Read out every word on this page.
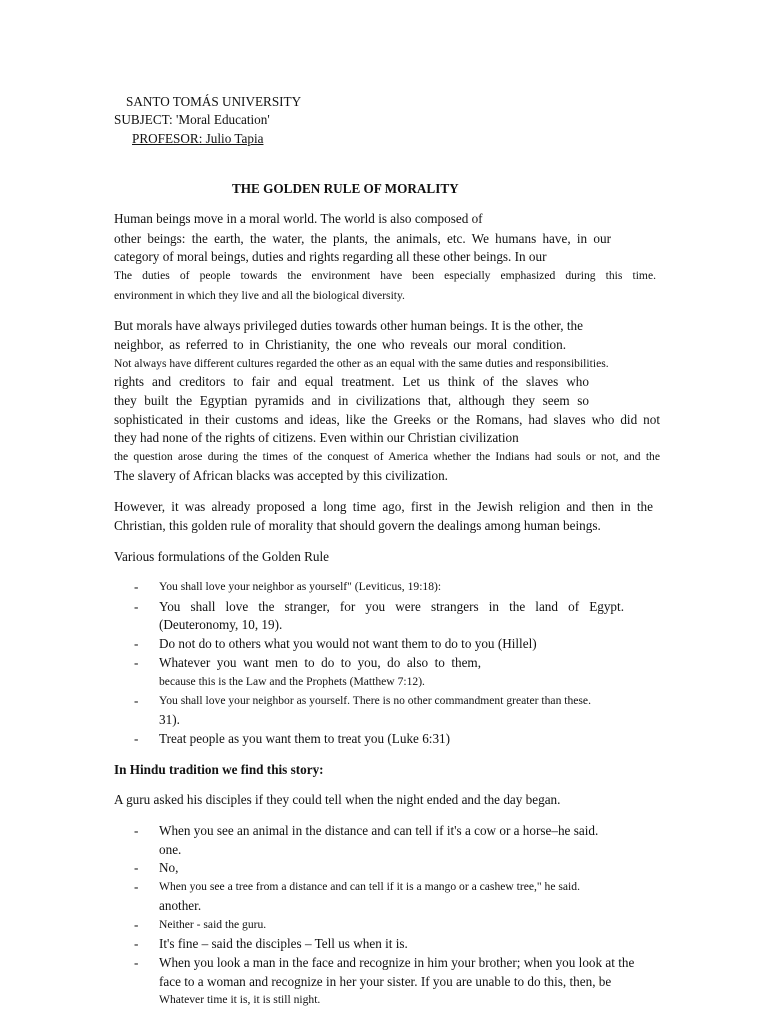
SANTO TOMÁS UNIVERSITY
SUBJECT: 'Moral Education'
PROFESOR: Julio Tapia
THE GOLDEN RULE OF MORALITY
Human beings move in a moral world. The world is also composed of
other beings: the earth, the water, the plants, the animals, etc. We humans have, in our
category of moral beings, duties and rights regarding all these other beings. In our
The duties of people towards the environment have been especially emphasized during this time.
environment in which they live and all the biological diversity.
But morals have always privileged duties towards other human beings. It is the other, the
neighbor, as referred to in Christianity, the one who reveals our moral condition.
Not always have different cultures regarded the other as an equal with the same duties and responsibilities.
rights and creditors to fair and equal treatment. Let us think of the slaves who
they built the Egyptian pyramids and in civilizations that, although they seem so
sophisticated in their customs and ideas, like the Greeks or the Romans, had slaves who did not
they had none of the rights of citizens. Even within our Christian civilization
the question arose during the times of the conquest of America whether the Indians had souls or not, and the
The slavery of African blacks was accepted by this civilization.
However, it was already proposed a long time ago, first in the Jewish religion and then in the
Christian, this golden rule of morality that should govern the dealings among human beings.
Various formulations of the Golden Rule
- You shall love your neighbor as yourself" (Leviticus, 19:18):
- You shall love the stranger, for you were strangers in the land of Egypt.
(Deuteronomy, 10, 19).
- Do not do to others what you would not want them to do to you (Hillel)
- Whatever you want men to do to you, do also to them,
because this is the Law and the Prophets (Matthew 7:12).
- You shall love your neighbor as yourself. There is no other commandment greater than these.
31).
- Treat people as you want them to treat you (Luke 6:31)
In Hindu tradition we find this story:
A guru asked his disciples if they could tell when the night ended and the day began.
- When you see an animal in the distance and can tell if it's a cow or a horse–he said.
one.
- No,
- When you see a tree from a distance and can tell if it is a mango or a cashew tree," he said.
another.
- Neither - said the guru.
- It's fine – said the disciples – Tell us when it is.
- When you look a man in the face and recognize in him your brother; when you look at the
face to a woman and recognize in her your sister. If you are unable to do this, then, be
Whatever time it is, it is still night.
